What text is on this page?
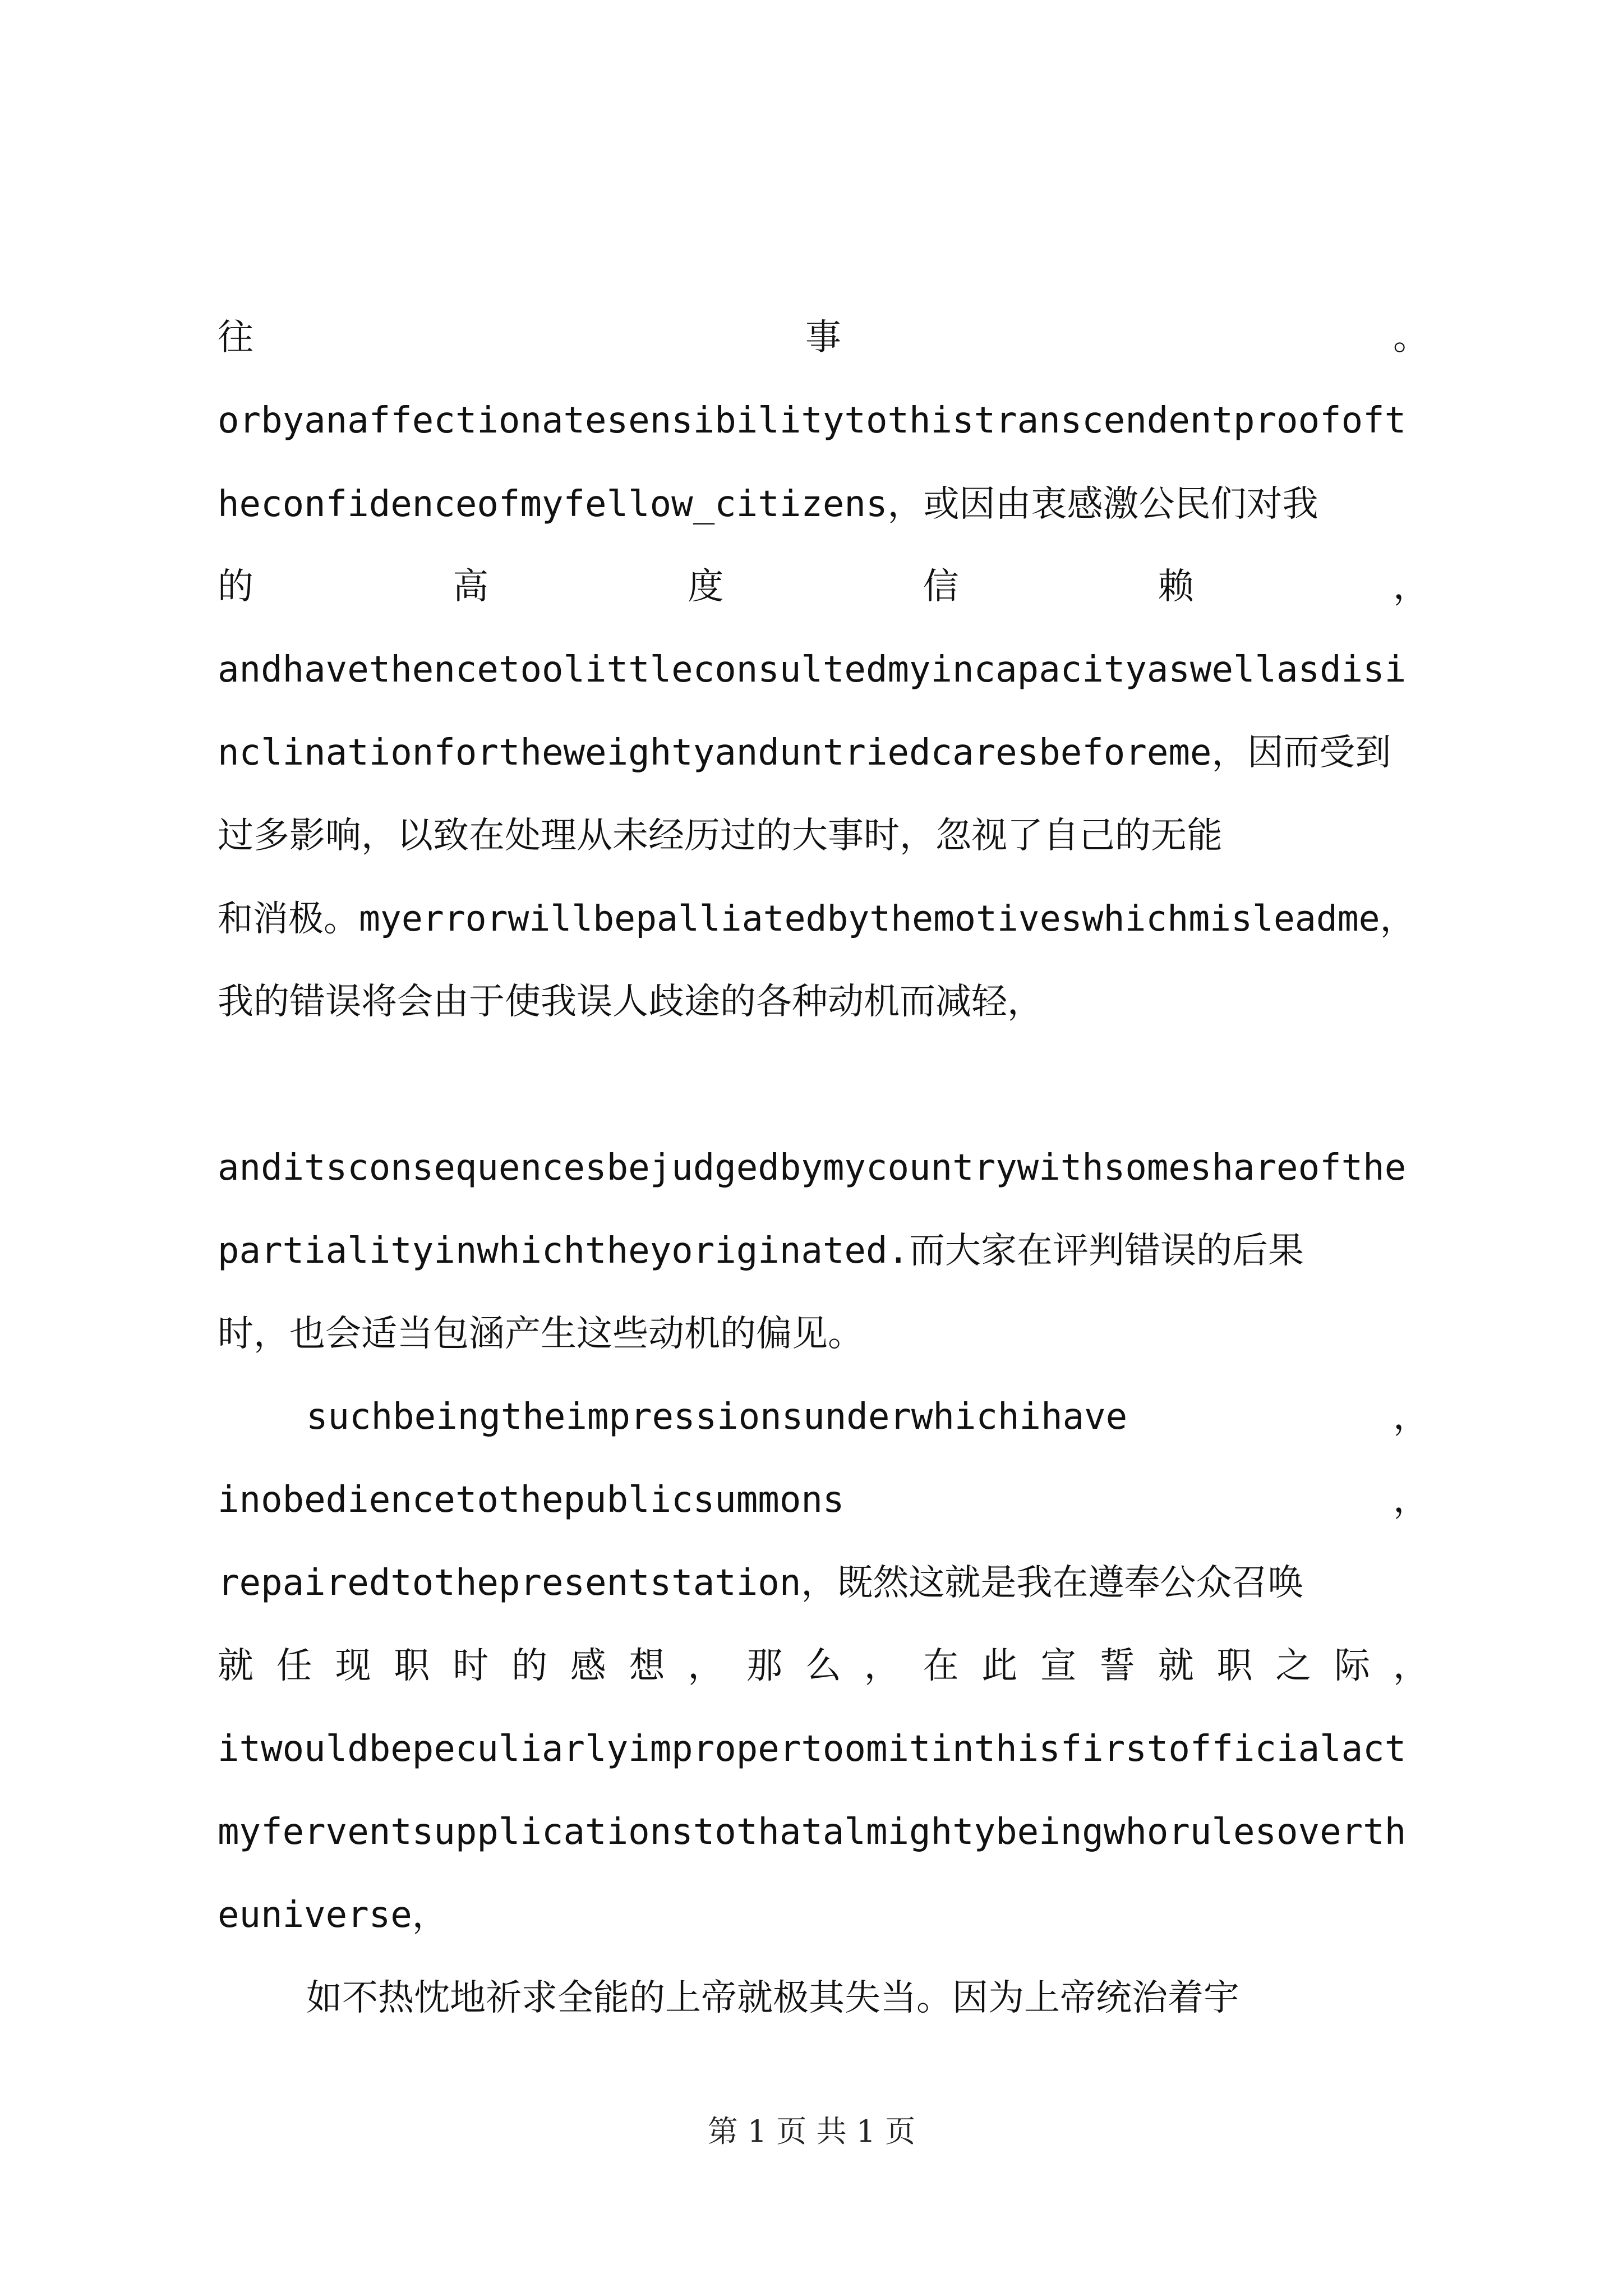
往	事	。
orbyanaffectionatesensibilitytothistranscendentproofoft
heconfidenceofmyfellow_citizens，或因由衷感激公民们对我
的	高	度	信	赖	，
andhavethencetoolittleconsultedmyincapacityaswellasdisi
nclinationfortheweightyanduntriedcaresbeforeme，因而受到
过多影响，以致在处理从未经历过的大事时，忽视了自己的无能
和消极。myerrorwillbepalliatedbythemotiveswhichmisleadme，
我的错误将会由于使我误人歧途的各种动机而减轻，
anditsconsequencesbejudgedbymycountrywithsomeshareofthe
partialityinwhichtheyoriginated.而大家在评判错误的后果
时，也会适当包涵产生这些动机的偏见。
suchbeingtheimpressionsunderwhichihave	，
inobediencetothepublicsummons	，
repairedtothepresentstation，既然这就是我在遵奉公众召唤
就 任 现 职 时 的 感 想 ， 那 么 ， 在 此 宣 誓 就 职 之 际 ，
itwouldbepeculiarlyimpropertoomitinthisfirstofficialact
myferventsupplicationstothatalmightybeingwhorulesoverth
euniverse，
如不热忱地祈求全能的上帝就极其失当。因为上帝统治着宇
第 1 页 共 1 页
